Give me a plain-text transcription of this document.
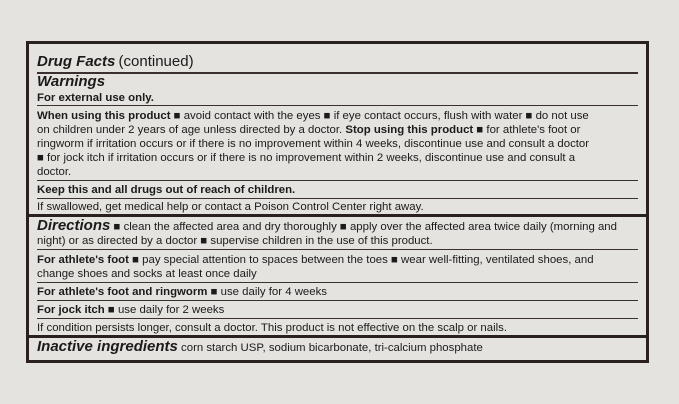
Drug Facts (continued)
Warnings
For external use only.
When using this product ■ avoid contact with the eyes ■ if eye contact occurs, flush with water ■ do not use
on children under 2 years of age unless directed by a doctor. Stop using this product ■ for athlete's foot or
ringworm if irritation occurs or if there is no improvement within 4 weeks, discontinue use and consult a doctor
■ for jock itch if irritation occurs or if there is no improvement within 2 weeks, discontinue use and consult a
doctor.
Keep this and all drugs out of reach of children.
If swallowed, get medical help or contact a Poison Control Center right away.
Directions ■ clean the affected area and dry thoroughly ■ apply over the affected area twice daily (morning and
night) or as directed by a doctor ■ supervise children in the use of this product.
For athlete's foot ■ pay special attention to spaces between the toes ■ wear well-fitting, ventilated shoes, and
change shoes and socks at least once daily
For athlete's foot and ringworm ■ use daily for 4 weeks
For jock itch ■ use daily for 2 weeks
If condition persists longer, consult a doctor. This product is not effective on the scalp or nails.
Inactive ingredients corn starch USP, sodium bicarbonate, tri-calcium phosphate
